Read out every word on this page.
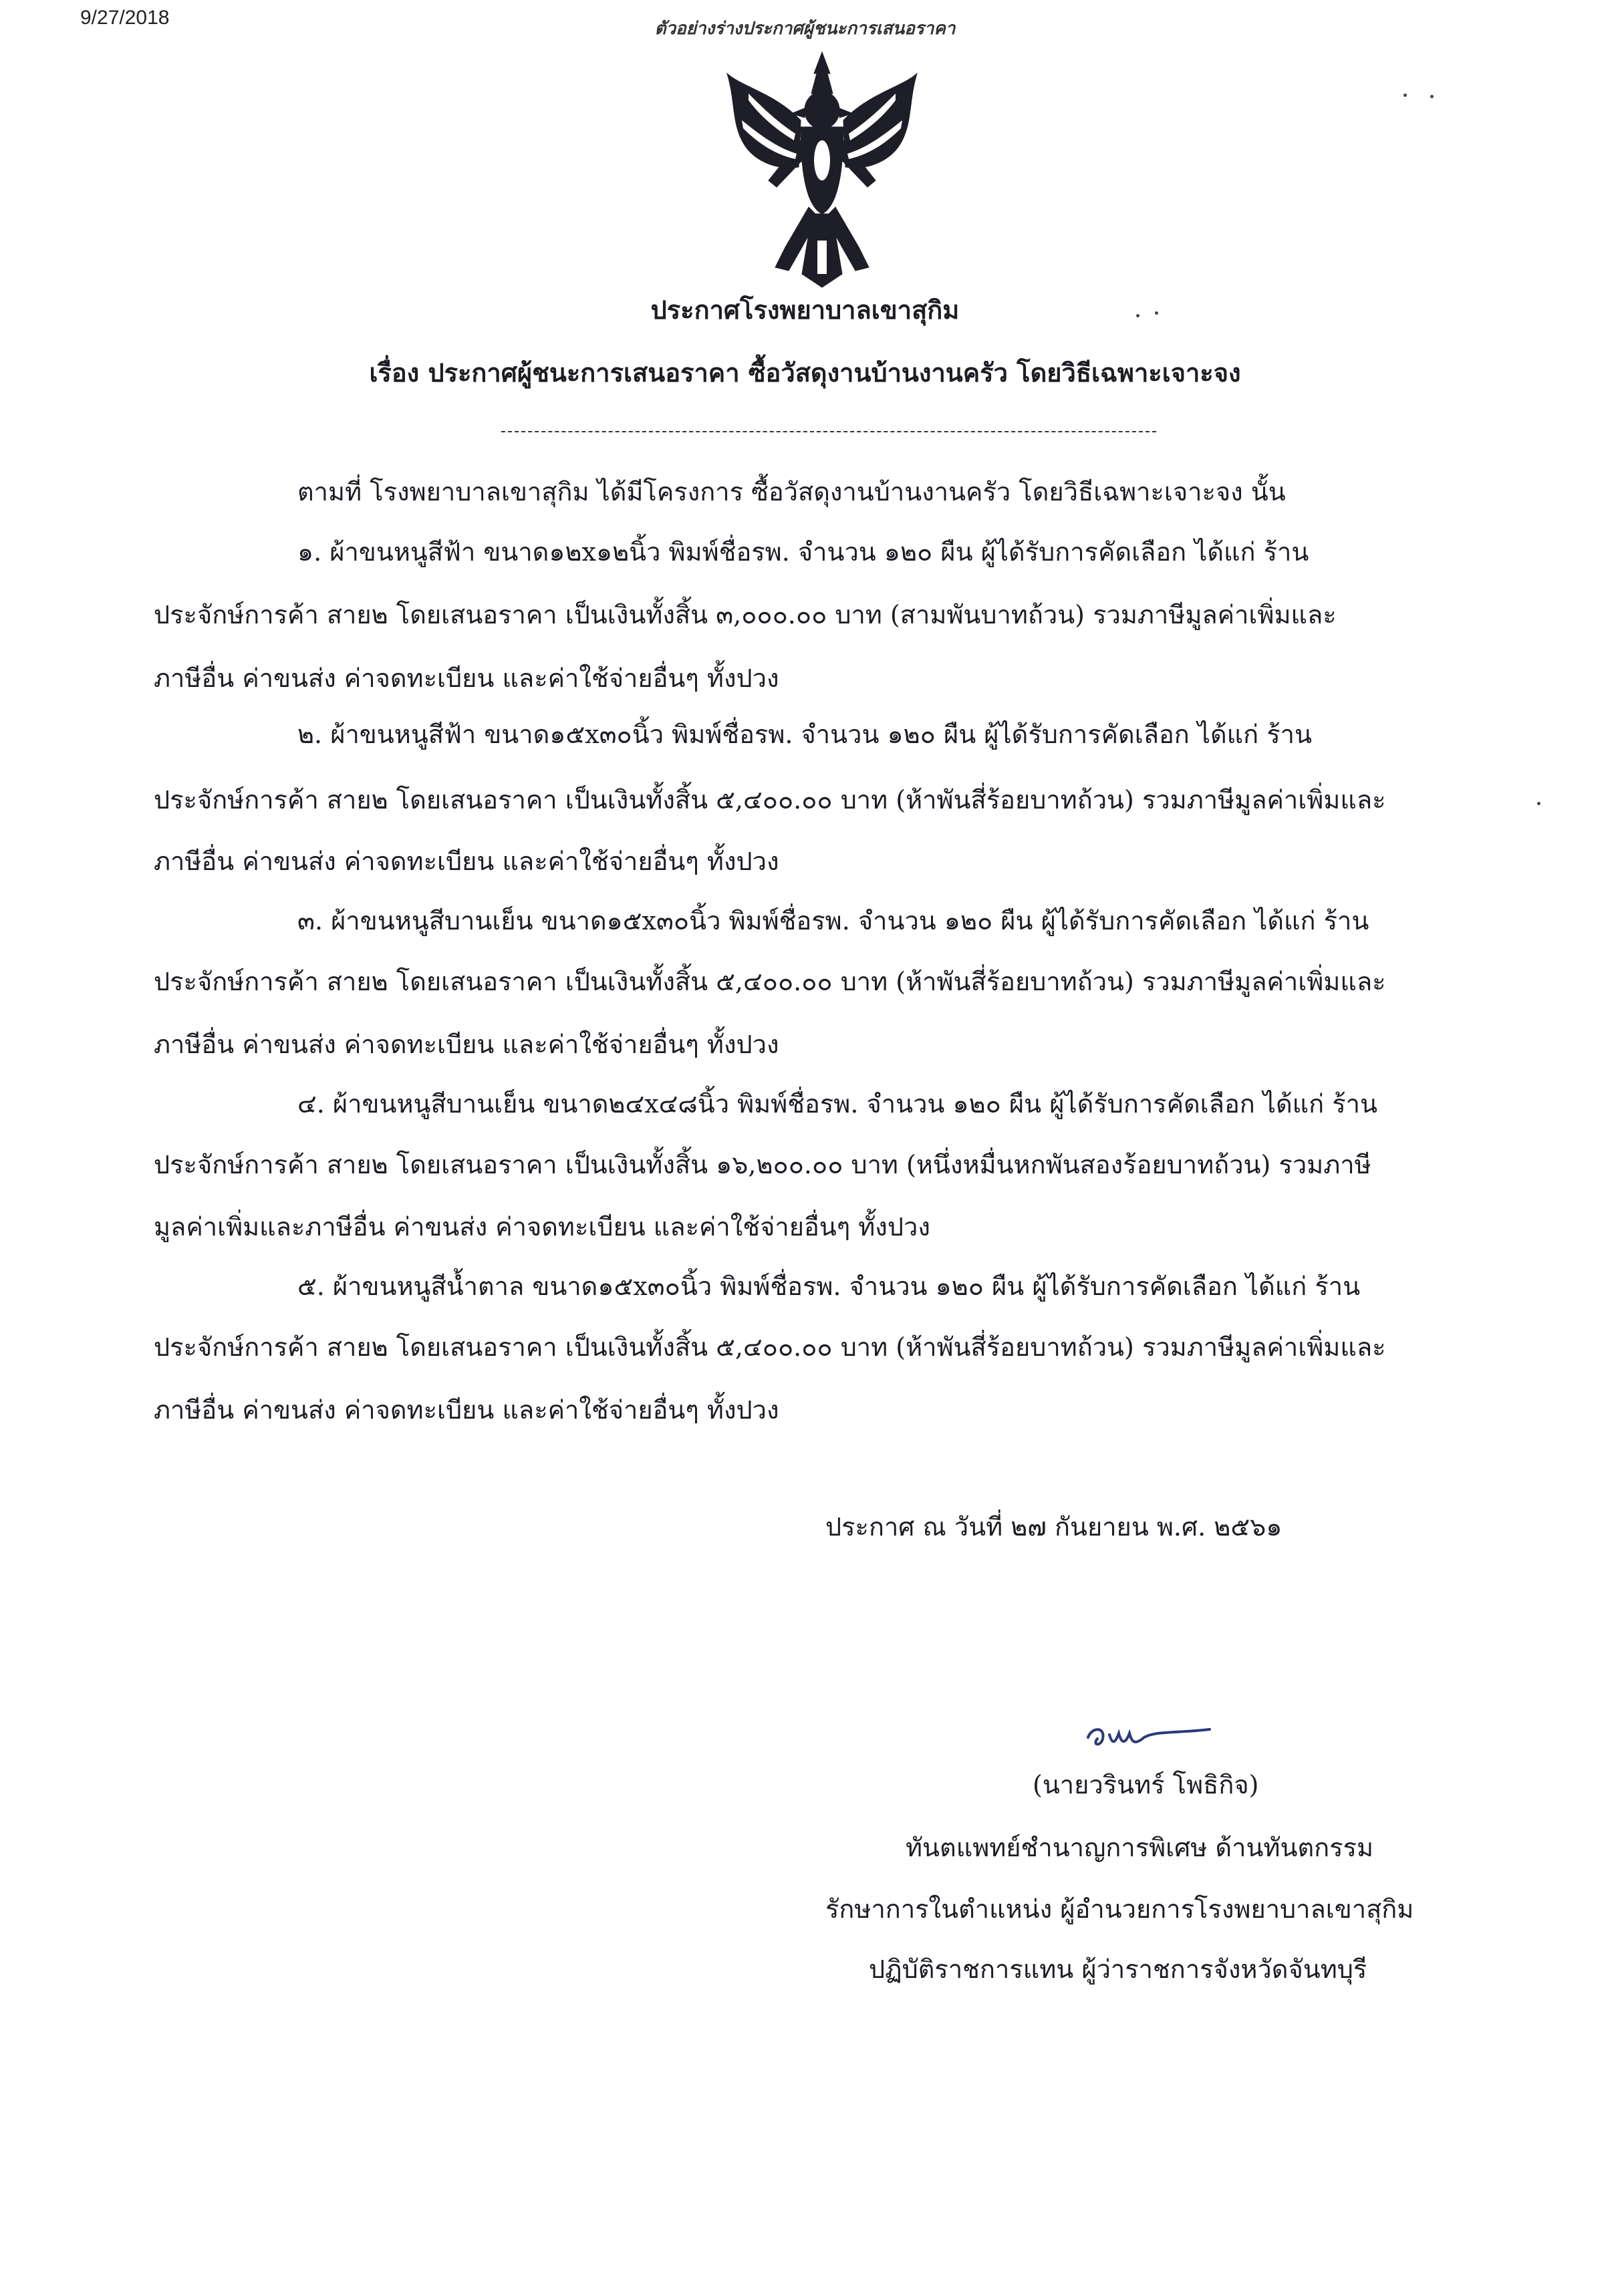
9/27/2018	ตัวอย่างร่างประกาศผู้ชนะการเสนอราคา
ประกาศโรงพยาบาลเขาสุกิม
เรื่อง ประกาศผู้ชนะการเสนอราคา ซื้อวัสดุงานบ้านงานครัว โดยวิธีเฉพาะเจาะจง
ตามที่ โรงพยาบาลเขาสุกิม ได้มีโครงการ ซื้อวัสดุงานบ้านงานครัว โดยวิธีเฉพาะเจาะจง นั้น
๑. ผ้าขนหนูสีฟ้า ขนาด๑๒x๑๒นิ้ว พิมพ์ชื่อรพ. จำนวน ๑๒๐ ผืน ผู้ได้รับการคัดเลือก ได้แก่ ร้าน
ประจักษ์การค้า สาย๒ โดยเสนอราคา เป็นเงินทั้งสิ้น ๓,๐๐๐.๐๐ บาท (สามพันบาทถ้วน) รวมภาษีมูลค่าเพิ่มและ
ภาษีอื่น ค่าขนส่ง ค่าจดทะเบียน และค่าใช้จ่ายอื่นๆ ทั้งปวง
๒. ผ้าขนหนูสีฟ้า ขนาด๑๕x๓๐นิ้ว พิมพ์ชื่อรพ. จำนวน ๑๒๐ ผืน ผู้ได้รับการคัดเลือก ได้แก่ ร้าน
ประจักษ์การค้า สาย๒ โดยเสนอราคา เป็นเงินทั้งสิ้น ๕,๔๐๐.๐๐ บาท (ห้าพันสี่ร้อยบาทถ้วน) รวมภาษีมูลค่าเพิ่มและ
ภาษีอื่น ค่าขนส่ง ค่าจดทะเบียน และค่าใช้จ่ายอื่นๆ ทั้งปวง
๓. ผ้าขนหนูสีบานเย็น ขนาด๑๕x๓๐นิ้ว พิมพ์ชื่อรพ. จำนวน ๑๒๐ ผืน ผู้ได้รับการคัดเลือก ได้แก่ ร้าน
ประจักษ์การค้า สาย๒ โดยเสนอราคา เป็นเงินทั้งสิ้น ๕,๔๐๐.๐๐ บาท (ห้าพันสี่ร้อยบาทถ้วน) รวมภาษีมูลค่าเพิ่มและ
ภาษีอื่น ค่าขนส่ง ค่าจดทะเบียน และค่าใช้จ่ายอื่นๆ ทั้งปวง
๔. ผ้าขนหนูสีบานเย็น ขนาด๒๔x๔๘นิ้ว พิมพ์ชื่อรพ. จำนวน ๑๒๐ ผืน ผู้ได้รับการคัดเลือก ได้แก่ ร้าน
ประจักษ์การค้า สาย๒ โดยเสนอราคา เป็นเงินทั้งสิ้น ๑๖,๒๐๐.๐๐ บาท (หนึ่งหมื่นหกพันสองร้อยบาทถ้วน) รวมภาษี
มูลค่าเพิ่มและภาษีอื่น ค่าขนส่ง ค่าจดทะเบียน และค่าใช้จ่ายอื่นๆ ทั้งปวง
๕. ผ้าขนหนูสีน้ำตาล ขนาด๑๕x๓๐นิ้ว พิมพ์ชื่อรพ. จำนวน ๑๒๐ ผืน ผู้ได้รับการคัดเลือก ได้แก่ ร้าน
ประจักษ์การค้า สาย๒ โดยเสนอราคา เป็นเงินทั้งสิ้น ๕,๔๐๐.๐๐ บาท (ห้าพันสี่ร้อยบาทถ้วน) รวมภาษีมูลค่าเพิ่มและ
ภาษีอื่น ค่าขนส่ง ค่าจดทะเบียน และค่าใช้จ่ายอื่นๆ ทั้งปวง
ประกาศ ณ วันที่ ๒๗ กันยายน พ.ศ. ๒๕๖๑
(นายวรินทร์ โพธิกิจ)
ทันตแพทย์ชำนาญการพิเศษ ด้านทันตกรรม
รักษาการในตำแหน่ง ผู้อำนวยการโรงพยาบาลเขาสุกิม
ปฏิบัติราชการแทน ผู้ว่าราชการจังหวัดจันทบุรี
